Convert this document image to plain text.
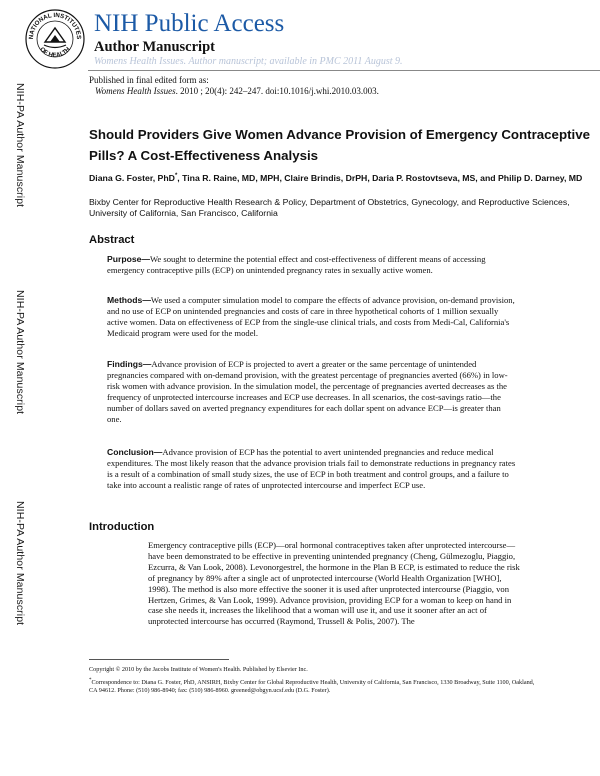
NATIONAL INSTITUTES
OF HEALTH
NIH Public Access
Author Manuscript
Womens Health Issues. Author manuscript; available in PMC 2011 August 9.
Published in final edited form as:
Womens Health Issues. 2010 ; 20(4): 242–247. doi:10.1016/j.whi.2010.03.003.
NIH-PA Author Manuscript
NIH-PA Author Manuscript
NIH-PA Author Manuscript
Should Providers Give Women Advance Provision of Emergency Contraceptive Pills? A Cost-Effectiveness Analysis
Diana G. Foster, PhD*, Tina R. Raine, MD, MPH, Claire Brindis, DrPH, Daria P. Rostovtseva, MS, and Philip D. Darney, MD
Bixby Center for Reproductive Health Research & Policy, Department of Obstetrics, Gynecology, and Reproductive Sciences, University of California, San Francisco, California
Abstract
Purpose—We sought to determine the potential effect and cost-effectiveness of different means of accessing emergency contraceptive pills (ECP) on unintended pregnancy rates in sexually active women.
Methods—We used a computer simulation model to compare the effects of advance provision, on-demand provision, and no use of ECP on unintended pregnancies and costs of care in three hypothetical cohorts of 1 million sexually active women. Data on effectiveness of ECP from the single-use clinical trials, and costs from Medi-Cal, California's Medicaid program were used for the model.
Findings—Advance provision of ECP is projected to avert a greater or the same percentage of unintended pregnancies compared with on-demand provision, with the greatest percentage of pregnancies averted (66%) in low-risk women with advance provision. In the simulation model, the percentage of pregnancies averted decreases as the frequency of unprotected intercourse increases and ECP use decreases. In all scenarios, the cost-savings ratio—the number of dollars saved on averted pregnancy expenditures for each dollar spent on advance ECP—is greater than one.
Conclusion—Advance provision of ECP has the potential to avert unintended pregnancies and reduce medical expenditures. The most likely reason that the advance provision trials fail to demonstrate reductions in pregnancy rates is a result of a combination of small study sizes, the use of ECP in both treatment and control groups, and a failure to take into account a realistic range of rates of unprotected intercourse and imperfect ECP use.
Introduction
Emergency contraceptive pills (ECP)—oral hormonal contraceptives taken after unprotected intercourse—have been demonstrated to be effective in preventing unintended pregnancy (Cheng, Gülmezoglu, Piaggio, Ezcurra, & Van Look, 2008). Levonorgestrel, the hormone in the Plan B ECP, is estimated to reduce the risk of pregnancy by 89% after a single act of unprotected intercourse (World Health Organization [WHO], 1998). The method is also more effective the sooner it is used after unprotected intercourse (Piaggio, von Hertzen, Grimes, & Van Look, 1999). Advance provision, providing ECP for a woman to keep on hand in case she needs it, increases the likelihood that a woman will use it, and use it sooner after an act of unprotected intercourse has occurred (Raymond, Trussell & Polis, 2007). The
Copyright © 2010 by the Jacobs Institute of Women's Health. Published by Elsevier Inc.
*Correspondence to: Diana G. Foster, PhD, ANSIRH, Bixby Center for Global Reproductive Health, University of California, San Francisco, 1330 Broadway, Suite 1100, Oakland, CA 94612. Phone: (510) 986-8940; fax: (510) 986-8960. greened@obgyn.ucsf.edu (D.G. Foster).
